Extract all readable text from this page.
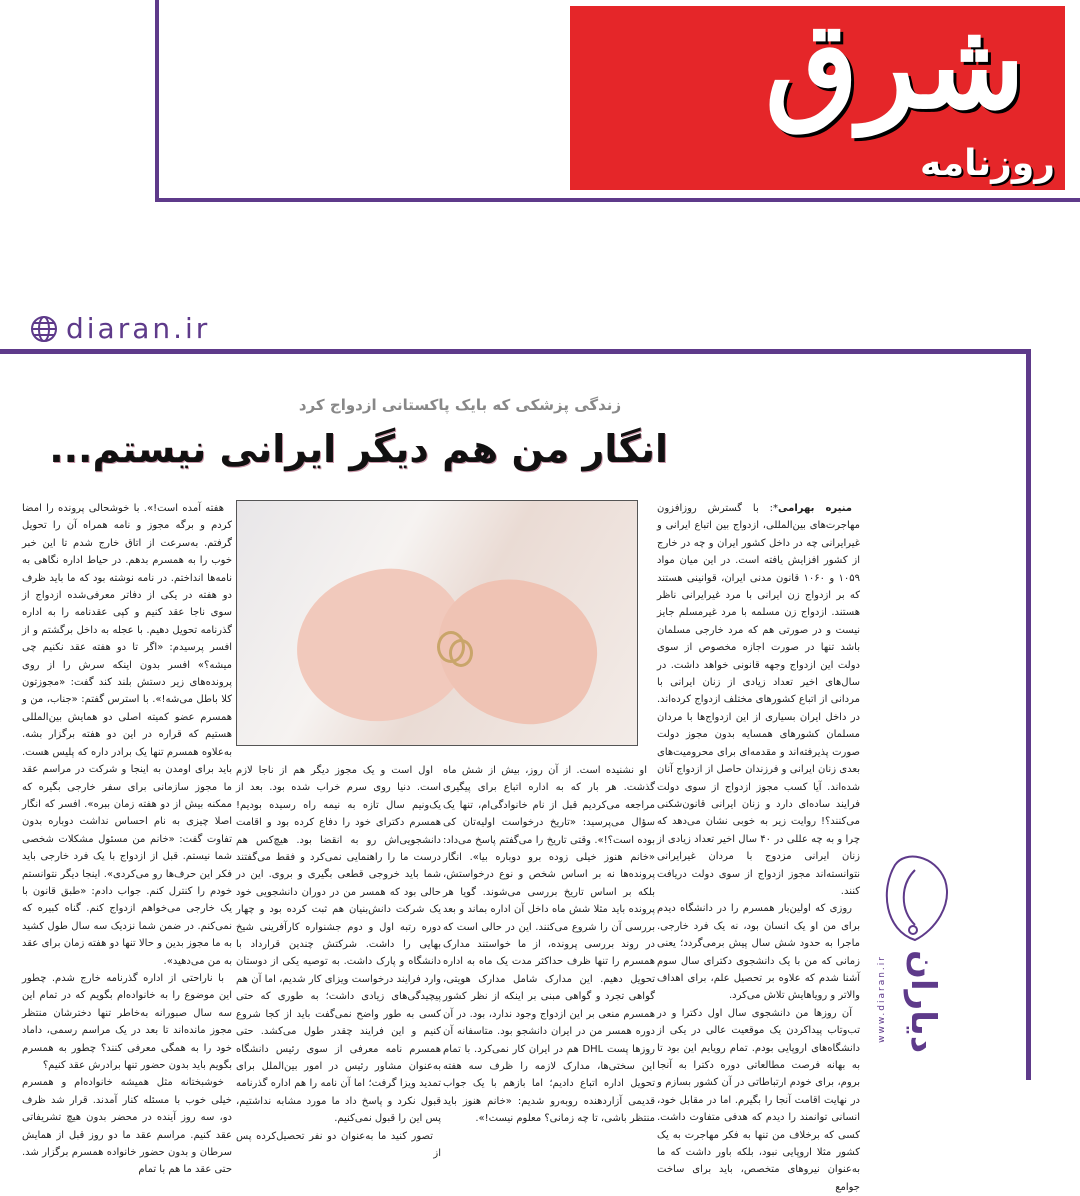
شرق
روزنامه
diaran.ir
زندگی پزشکی که بایک پاکستانی ازدواج کرد
انگار من هم دیگر ایرانی نیستم...

منیره بهرامی*: با گسترش روزافزون مهاجرت‌های بین‌المللی، ازدواج بین اتباع ایرانی و غیرایرانی چه در داخل کشور ایران و چه در خارج از کشور افزایش یافته است. در این میان مواد ۱۰۵۹ و ۱۰۶۰ قانون مدنی ایران، قوانینی هستند که بر ازدواج زن ایرانی با مرد غیرایرانی ناظر هستند. ازدواج زن مسلمه با مرد غیرمسلم جایز نیست و در صورتی هم که مرد خارجی مسلمان باشد تنها در صورت اجازه مخصوص از سوی دولت این ازدواج وجهه قانونی خواهد داشت. در سال‌های اخیر تعداد زیادی از زنان ایرانی با مردانی از اتباع کشورهای مختلف ازدواج کرده‌اند. در داخل ایران بسیاری از این ازدواج‌ها با مردان مسلمان کشورهای همسایه بدون مجوز دولت صورت پذیرفته‌اند و مقدمه‌ای برای محرومیت‌های بعدی زنان ایرانی و فرزندان حاصل از ازدواج آنان شده‌اند. آیا کسب مجوز ازدواج از سوی دولت فرایند ساده‌ای دارد و زنان ایرانی قانون‌شکنی می‌کنند؟! روایت زیر به خوبی نشان می‌دهد که چرا و به چه عللی در ۴۰ سال اخیر تعداد زیادی از زنان ایرانی مزدوج با مردان غیرایرانی نتوانسته‌اند مجوز ازدواج از سوی دولت دریافت کنند.

روزی که اولین‌بار همسرم را در دانشگاه دیدم برای من او یک انسان بود، نه یک فرد خارجی. ماجرا به حدود شش سال پیش برمی‌گردد؛ یعنی زمانی که من با یک دانشجوی دکترای سال سوم آشنا شدم که علاوه بر تحصیل علم، برای اهداف والاتر و رویاهایش تلاش می‌کرد.

آن روزها من دانشجوی سال اول دکترا و در تب‌وتاب پیداکردن یک موقعیت عالی در یکی از دانشگاه‌های اروپایی بودم. تمام رویایم این بود تا به بهانه فرصت مطالعاتی دوره دکترا به آنجا بروم، برای خودم ارتباطاتی در آن کشور بسازم و در نهایت اقامت آنجا را بگیرم. اما در مقابل خود، انسانی توانمند را دیدم که هدفی متفاوت داشت. کسی که برخلاف من تنها به فکر مهاجرت به یک کشور مثلا اروپایی نبود، بلکه باور داشت که ما به‌عنوان نیروهای متخصص، باید برای ساخت جوامع

او نشنیده است. از آن روز، بیش از شش ماه گذشت. هر بار که به اداره اتباع برای پیگیری مراجعه می‌کردیم قبل از نام خانوادگی‌ام، تنها یک سؤال می‌پرسید: «تاریخ درخواست اولیه‌تان کی بوده است؟!». وقتی تاریخ را می‌گفتم پاسخ می‌داد: «خانم هنوز خیلی زوده برو دوباره بیا». انگار پرونده‌ها نه بر اساس شخص و نوع درخواستش، بلکه بر اساس تاریخ بررسی می‌شوند. گویا هر پرونده باید مثلا شش ماه داخل آن اداره بماند و بعد بررسی آن را شروع می‌کنند. این در حالی است که در روند بررسی پرونده، از ما خواستند مدارک همسرم را تنها ظرف حداکثر مدت یک ماه به اداره تحویل دهیم. این مدارک شامل مدارک هویتی، گواهی تجرد و گواهی مبنی بر اینکه از نظر کشور همسرم منعی بر این ازدواج وجود ندارد، بود. در آن دوره همسر من در ایران دانشجو بود. متاسفانه آن روزها پست DHL هم در ایران کار نمی‌کرد. با تمام این سختی‌ها، مدارک لازمه را ظرف سه هفته تحویل اداره اتباع دادیم؛ اما بازهم با یک جواب قدیمی آزاردهنده روبه‌رو شدیم: «خانم هنوز باید منتظر باشی، تا چه زمانی؟ معلوم نیست!».

اول است و یک مجوز دیگر هم از ناجا لازم است. دنیا روی سرم خراب شده بود. بعد از یک‌ونیم سال تازه به نیمه راه رسیده بودیم! همسرم دکترای خود را دفاع کرده بود و اقامت دانشجویی‌اش رو به انقضا بود. هیچ‌کس هم درست ما را راهنمایی نمی‌کرد و فقط می‌گفتند شما باید خروجی قطعی بگیری و بروی. این در حالی بود که همسر من در دوران دانشجویی خود یک شرکت دانش‌بنیان هم ثبت کرده بود و چهار دوره رتبه اول و دوم جشنواره کارآفرینی شیخ بهایی را داشت. شرکتش چندین قرارداد با دانشگاه و پارک داشت. به توصیه یکی از دوستان وارد فرایند درخواست ویزای کار شدیم، اما آن هم پیچیدگی‌های زیادی داشت؛ به طوری که حتی کسی به طور واضح نمی‌گفت باید از کجا شروع کنیم و این فرایند چقدر طول می‌کشد. حتی همسرم نامه معرفی از سوی رئیس دانشگاه به‌عنوان مشاور رئیس در امور بین‌الملل برای تمدید ویزا گرفت؛ اما آن نامه را هم اداره گذرنامه قبول نکرد و پاسخ داد ما مورد مشابه نداشتیم، پس این را قبول نمی‌کنیم.

تصور کنید ما به‌عنوان دو نفر تحصیل‌کرده پس از

هفته آمده است!». با خوشحالی پرونده را امضا کردم و برگه مجوز و نامه همراه آن را تحویل گرفتم. به‌سرعت از اتاق خارج شدم تا این خبر خوب را به همسرم بدهم. در حیاط اداره نگاهی به نامه‌ها انداختم. در نامه نوشته بود که ما باید ظرف دو هفته در یکی از دفاتر معرفی‌شده ازدواج از سوی ناجا عقد کنیم و کپی عقدنامه را به اداره گذرنامه تحویل دهیم. با عجله به داخل برگشتم و از افسر پرسیدم: «اگر تا دو هفته عقد نکنیم چی میشه؟» افسر بدون اینکه سرش را از روی پرونده‌های زیر دستش بلند کند گفت: «مجوزتون کلا باطل می‌شه!». با استرس گفتم: «جناب، من و همسرم عضو کمیته اصلی دو همایش بین‌المللی هستیم که قراره در این دو هفته برگزار بشه. به‌علاوه همسرم تنها یک برادر داره که پلیس هست. باید برای اومدن به اینجا و شرکت در مراسم عقد ما مجوز سازمانی برای سفر خارجی بگیره که ممکنه بیش از دو هفته زمان ببره». افسر که انگار اصلا چیزی به نام احساس نداشت دوباره بدون تفاوت گفت: «خانم من مسئول مشکلات شخصی شما نیستم. قبل از ازدواج با یک فرد خارجی باید فکر این حرف‌ها رو می‌کردی». اینجا دیگر نتوانستم خودم را کنترل کنم. جواب دادم: «طبق قانون با یک خارجی می‌خواهم ازدواج کنم. گناه کبیره که نمی‌کنم. در ضمن شما نزدیک سه سال طول کشید به ما مجوز بدین و حالا تنها دو هفته زمان برای عقد به من می‌دهید».

با ناراحتی از اداره گذرنامه خارج شدم. چطور این موضوع را به خانواده‌ام بگویم که در تمام این سه سال صبورانه به‌خاطر تنها دخترشان منتظر مجوز مانده‌اند تا بعد در یک مراسم رسمی، داماد خود را به همگی معرفی کنند؟ چطور به همسرم بگویم باید بدون حضور تنها برادرش عقد کنیم؟

خوشبختانه مثل همیشه خانواده‌ام و همسرم خیلی خوب با مسئله کنار آمدند. قرار شد ظرف دو، سه روز آینده در محضر بدون هیچ تشریفاتی عقد کنیم. مراسم عقد ما دو روز قبل از همایش سرطان و بدون حضور خانواده همسرم برگزار شد. حتی عقد ما هم با تمام

www.diaran.ir دیاران
